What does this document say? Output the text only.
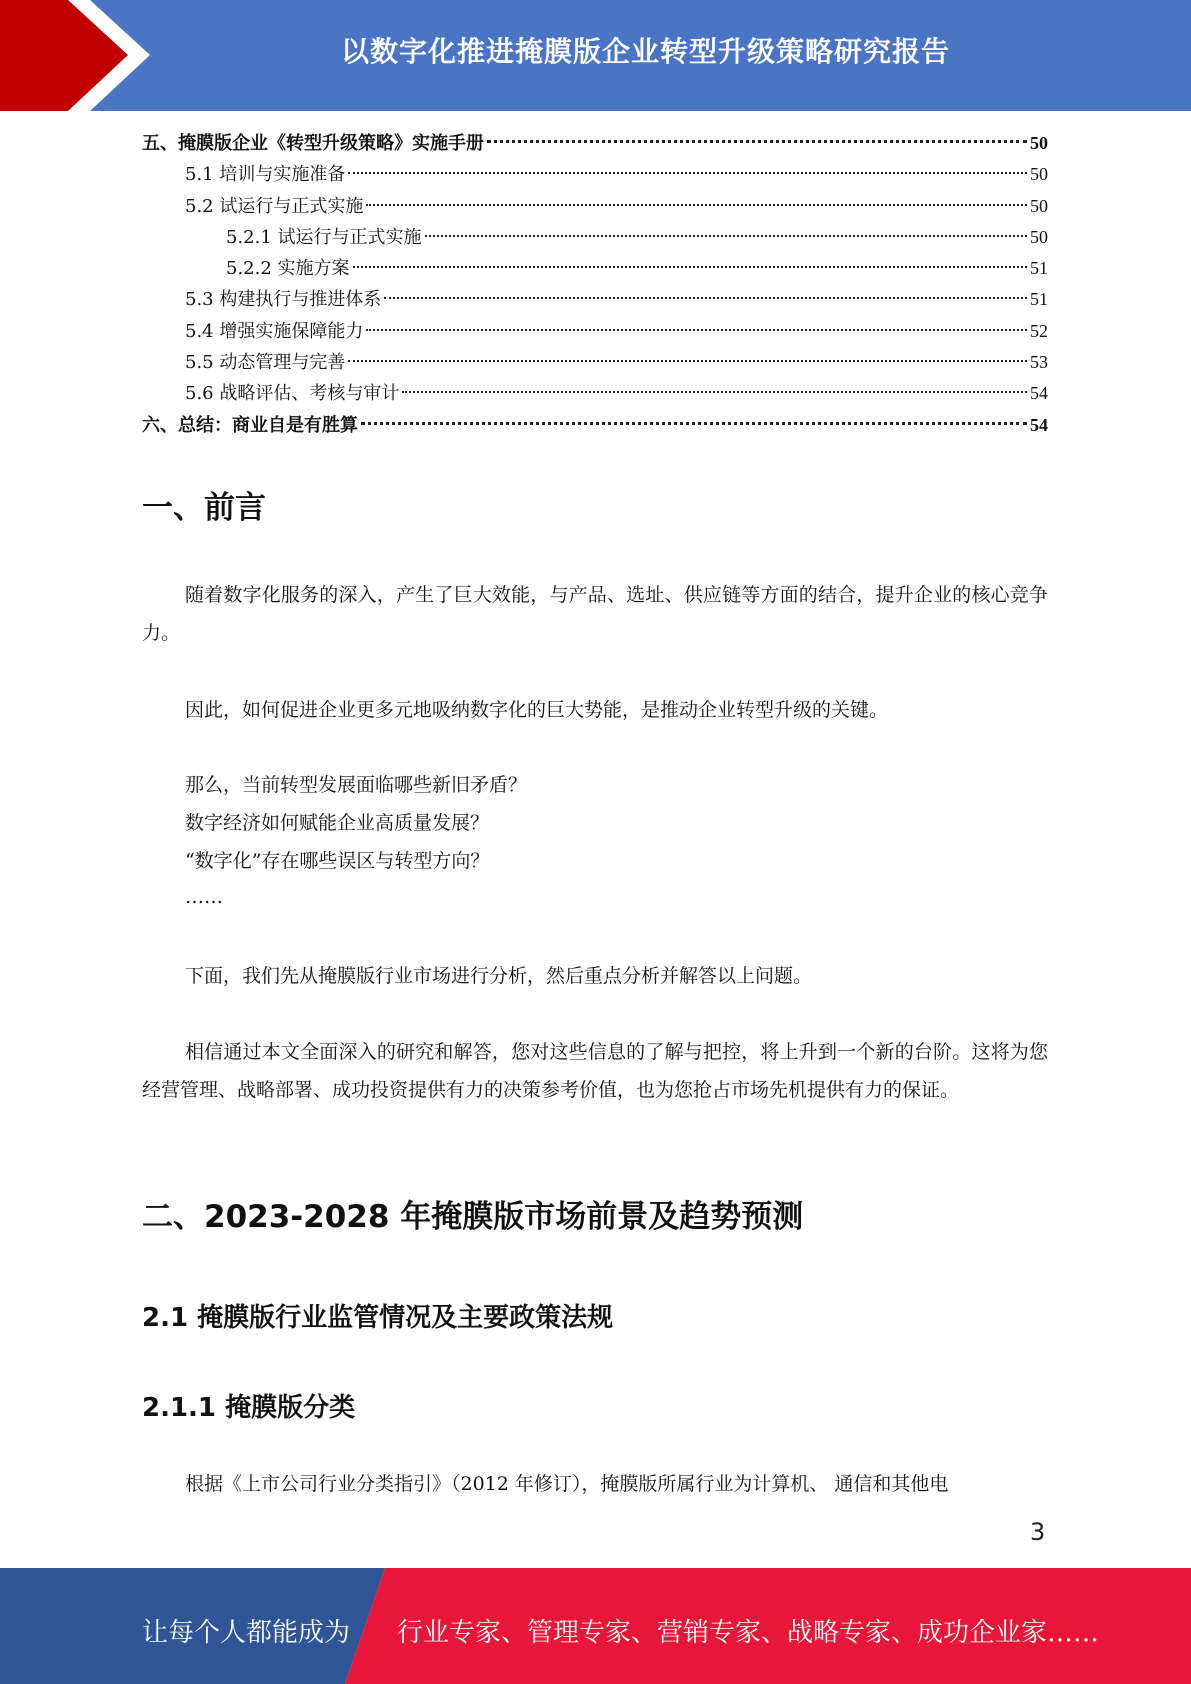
以数字化推进掩膜版企业转型升级策略研究报告
五、掩膜版企业《转型升级策略》实施手册	50
5.1 培训与实施准备	50
5.2 试运行与正式实施	50
5.2.1 试运行与正式实施	50
5.2.2 实施方案	51
5.3 构建执行与推进体系	51
5.4 增强实施保障能力	52
5.5 动态管理与完善	53
5.6 战略评估、考核与审计	54
六、总结：商业自是有胜算	54
一、前言
随着数字化服务的深入，产生了巨大效能，与产品、选址、供应链等方面的结合，提升企业的核心竞争力。
因此，如何促进企业更多元地吸纳数字化的巨大势能，是推动企业转型升级的关键。
那么，当前转型发展面临哪些新旧矛盾？
数字经济如何赋能企业高质量发展？
“数字化”存在哪些误区与转型方向？
……
下面，我们先从掩膜版行业市场进行分析，然后重点分析并解答以上问题。
相信通过本文全面深入的研究和解答，您对这些信息的了解与把控，将上升到一个新的台阶。这将为您经营管理、战略部署、成功投资提供有力的决策参考价值，也为您抢占市场先机提供有力的保证。
二、2023-2028 年掩膜版市场前景及趋势预测
2.1 掩膜版行业监管情况及主要政策法规
2.1.1 掩膜版分类
根据《上市公司行业分类指引》（2012 年修订），掩膜版所属行业为计算机、 通信和其他电
3
让每个人都能成为 行业专家、管理专家、营销专家、战略专家、成功企业家……
